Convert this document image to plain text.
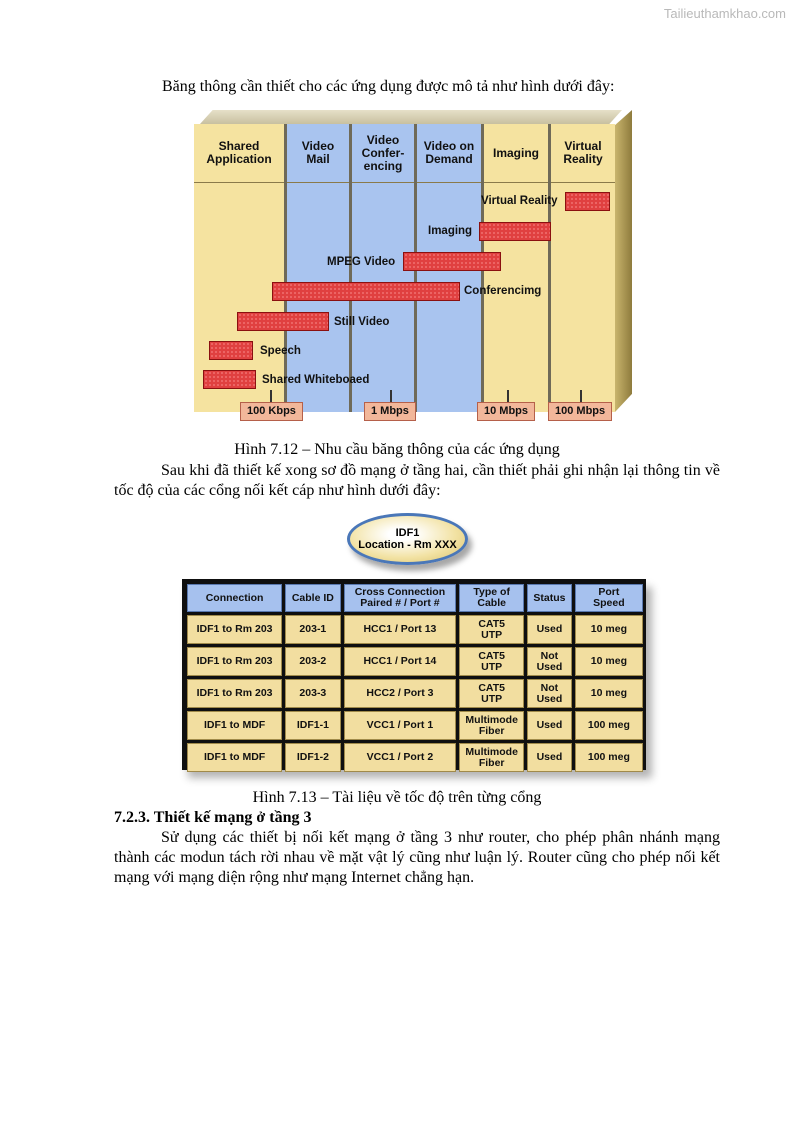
Tailieuthamkhao.com

Băng thông cần thiết cho các ứng dụng được mô tả như hình dưới đây:

Shared
Application
Video
Mail
Video
Confer-
encing
Video on
Demand Imaging Virtual
Reality
Virtual Reality
Imaging
MPEG Video
Conferencimg
Still Video
Speech
Shared Whiteboaed
100 Kbps	1 Mbps	10 Mbps	100 Mbps
Hình 7.12 – Nhu cầu băng thông của các ứng dụng

Sau khi đã thiết kế xong sơ đồ mạng ở tầng hai, cần thiết phải ghi nhận lại thông tin về tốc độ của các cổng nối kết cáp như hình dưới đây:

IDF1
Location - Rm XXX
Connection	Cable ID	Cross Connection
Paired # / Port #	Type of
Cable	Status	Port
Speed
IDF1 to Rm 203	203-1	HCC1 / Port 13	CAT5
UTP	Used	10 meg
IDF1 to Rm 203	203-2	HCC1 / Port 14	CAT5
UTP	Not
Used	10 meg
IDF1 to Rm 203	203-3	HCC2 / Port 3	CAT5
UTP	Not
Used	10 meg
IDF1 to MDF	IDF1-1	VCC1 / Port 1	Multimode
Fiber	Used	100 meg
IDF1 to MDF	IDF1-2	VCC1 / Port 2	Multimode
Fiber	Used	100 meg
Hình 7.13 – Tài liệu về tốc độ trên từng cổng
7.2.3. Thiết kế mạng ở tầng 3

Sử dụng các thiết bị nối kết mạng ở tầng 3 như router, cho phép phân nhánh mạng thành các modun tách rời nhau về mặt vật lý cũng như luận lý. Router cũng cho phép nối kết mạng với mạng diện rộng như mạng Internet chẳng hạn.
